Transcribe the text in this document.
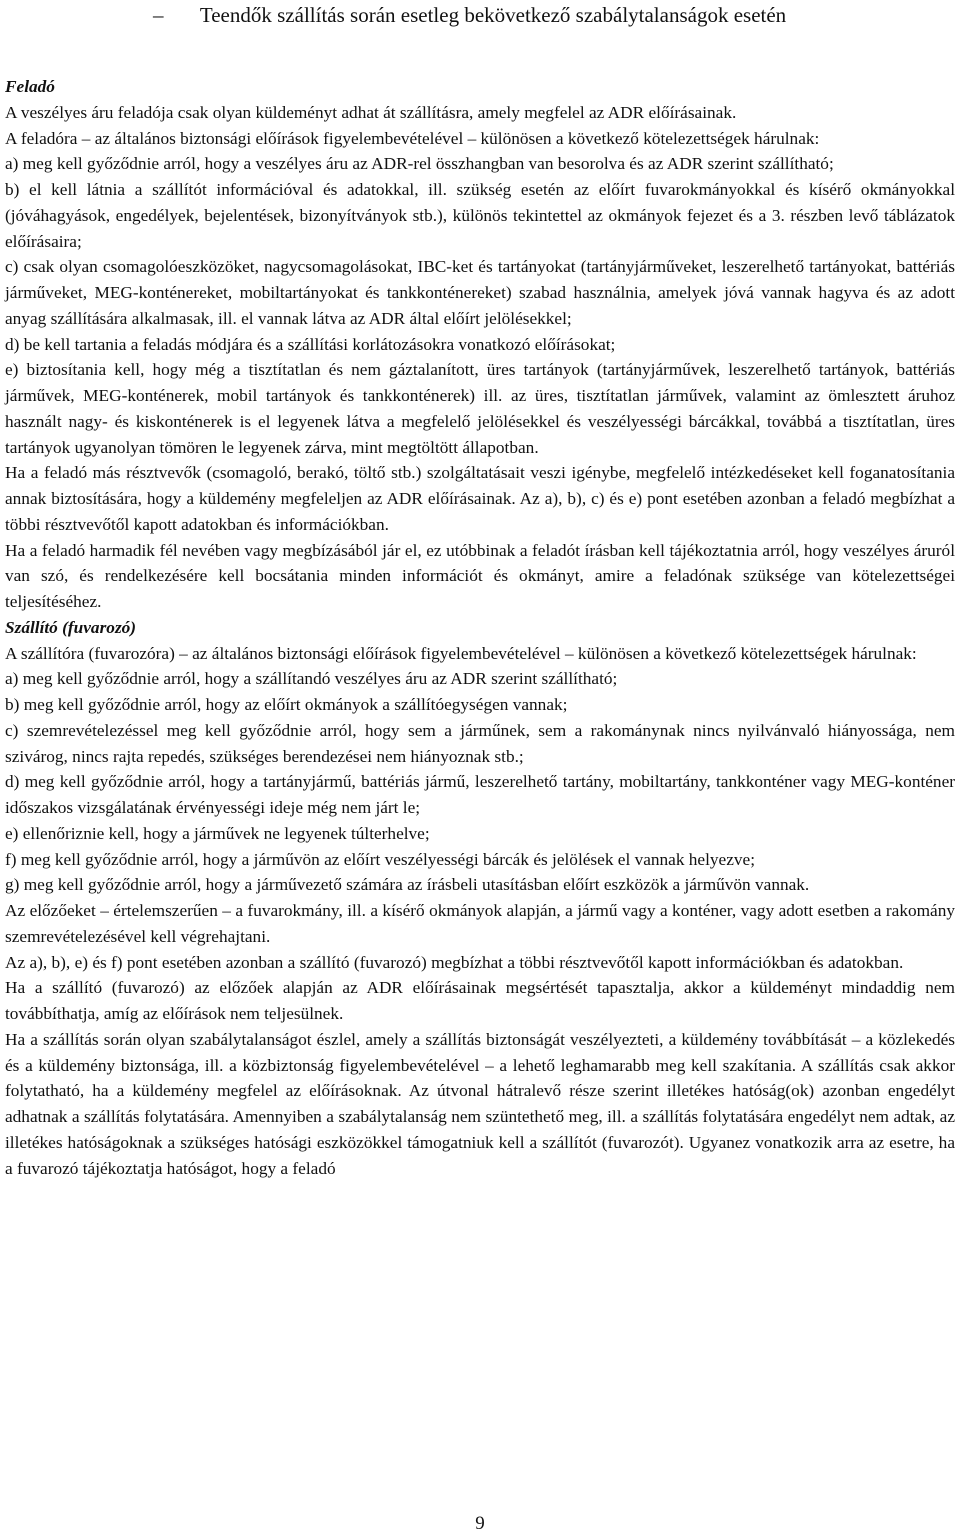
– Teendők szállítás során esetleg bekövetkező szabálytalanságok esetén

Feladó

A veszélyes áru feladója csak olyan küldeményt adhat át szállításra, amely megfelel az ADR előírásainak.

A feladóra – az általános biztonsági előírások figyelembevételével – különösen a következő kötelezettségek hárulnak:

a) meg kell győződnie arról, hogy a veszélyes áru az ADR-rel összhangban van besorolva és az ADR szerint szállítható;

b) el kell látnia a szállítót információval és adatokkal, ill. szükség esetén az előírt fuvarokmányokkal és kísérő okmányokkal (jóváhagyások, engedélyek, bejelentések, bizonyítványok stb.), különös tekintettel az okmányok fejezet és a 3. részben levő táblázatok előírásaira;

c) csak olyan csomagolóeszközöket, nagycsomagolásokat, IBC-ket és tartányokat (tartányjárműveket, leszerelhető tartányokat, battériás járműveket, MEG-konténereket, mobiltartányokat és tankkonténereket) szabad használnia, amelyek jóvá vannak hagyva és az adott anyag szállítására alkalmasak, ill. el vannak látva az ADR által előírt jelölésekkel;

d) be kell tartania a feladás módjára és a szállítási korlátozásokra vonatkozó előírásokat;

e) biztosítania kell, hogy még a tisztítatlan és nem gáztalanított, üres tartányok (tartányjárművek, leszerelhető tartányok, battériás járművek, MEG-konténerek, mobil tartányok és tankkonténerek) ill. az üres, tisztítatlan járművek, valamint az ömlesztett áruhoz használt nagy- és kiskonténerek is el legyenek látva a megfelelő jelölésekkel és veszélyességi bárcákkal, továbbá a tisztítatlan, üres tartányok ugyanolyan tömören le legyenek zárva, mint megtöltött állapotban.

Ha a feladó más résztvevők (csomagoló, berakó, töltő stb.) szolgáltatásait veszi igénybe, megfelelő intézkedéseket kell foganatosítania annak biztosítására, hogy a küldemény megfeleljen az ADR előírásainak. Az a), b), c) és e) pont esetében azonban a feladó megbízhat a többi résztvevőtől kapott adatokban és információkban.

Ha a feladó harmadik fél nevében vagy megbízásából jár el, ez utóbbinak a feladót írásban kell tájékoztatnia arról, hogy veszélyes áruról van szó, és rendelkezésére kell bocsátania minden információt és okmányt, amire a feladónak szüksége van kötelezettségei teljesítéséhez.

Szállító (fuvarozó)

A szállítóra (fuvarozóra) – az általános biztonsági előírások figyelembevételével – különösen a következő kötelezettségek hárulnak:

a) meg kell győződnie arról, hogy a szállítandó veszélyes áru az ADR szerint szállítható;

b) meg kell győződnie arról, hogy az előírt okmányok a szállítóegységen vannak;

c) szemrevételezéssel meg kell győződnie arról, hogy sem a járműnek, sem a rakománynak nincs nyilvánvaló hiányossága, nem szivárog, nincs rajta repedés, szükséges berendezései nem hiányoznak stb.;

d) meg kell győződnie arról, hogy a tartányjármű, battériás jármű, leszerelhető tartány, mobiltartány, tankkonténer vagy MEG-konténer időszakos vizsgálatának érvényességi ideje még nem járt le;

e) ellenőriznie kell, hogy a járművek ne legyenek túlterhelve;

f) meg kell győződnie arról, hogy a járművön az előírt veszélyességi bárcák és jelölések el vannak helyezve;

g) meg kell győződnie arról, hogy a járművezető számára az írásbeli utasításban előírt eszközök a járművön vannak.

Az előzőeket – értelemszerűen – a fuvarokmány, ill. a kísérő okmányok alapján, a jármű vagy a konténer, vagy adott esetben a rakomány szemrevételezésével kell végrehajtani.

Az a), b), e) és f) pont esetében azonban a szállító (fuvarozó) megbízhat a többi résztvevőtől kapott információkban és adatokban.

Ha a szállító (fuvarozó) az előzőek alapján az ADR előírásainak megsértését tapasztalja, akkor a küldeményt mindaddig nem továbbíthatja, amíg az előírások nem teljesülnek.

Ha a szállítás során olyan szabálytalanságot észlel, amely a szállítás biztonságát veszélyezteti, a küldemény továbbítását – a közlekedés és a küldemény biztonsága, ill. a közbiztonság figyelembevételével – a lehető leghamarabb meg kell szakítania. A szállítás csak akkor folytatható, ha a küldemény megfelel az előírásoknak. Az útvonal hátralevő része szerint illetékes hatóság(ok) azonban engedélyt adhatnak a szállítás folytatására. Amennyiben a szabálytalanság nem szüntethető meg, ill. a szállítás folytatására engedélyt nem adtak, az illetékes hatóságoknak a szükséges hatósági eszközökkel támogatniuk kell a szállítót (fuvarozót). Ugyanez vonatkozik arra az esetre, ha a fuvarozó tájékoztatja hatóságot, hogy a feladó

9
